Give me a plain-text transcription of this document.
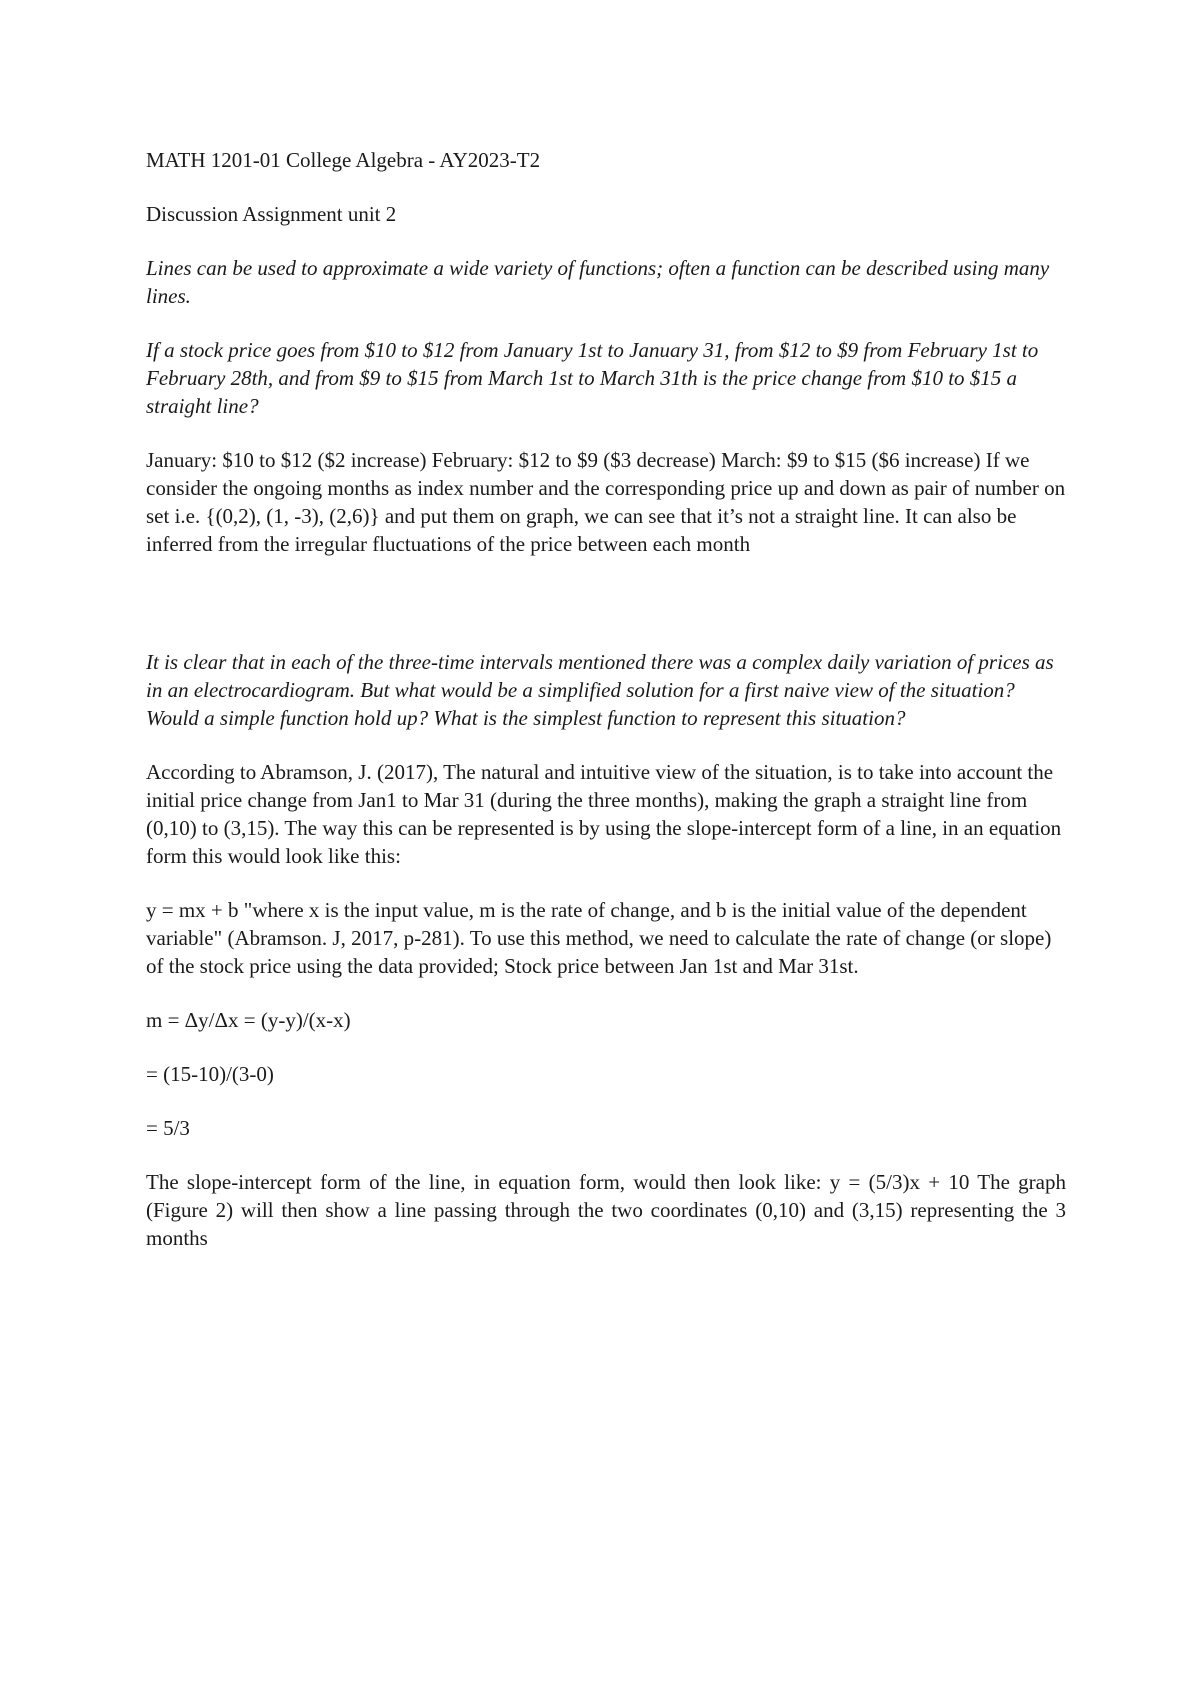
MATH 1201-01 College Algebra - AY2023-T2

Discussion Assignment unit 2

Lines can be used to approximate a wide variety of functions; often a function can be described using many lines.

If a stock price goes from $10 to $12 from January 1st to January 31, from $12 to $9 from February 1st to February 28th, and from $9 to $15 from March 1st to March 31th is the price change from $10 to $15 a straight line?

January: $10 to $12 ($2 increase) February: $12 to $9 ($3 decrease) March: $9 to $15 ($6 increase) If we consider the ongoing months as index number and the corresponding price up and down as pair of number on set i.e. {(0,2), (1, -3), (2,6)} and put them on graph, we can see that it’s not a straight line. It can also be inferred from the irregular fluctuations of the price between each month

It is clear that in each of the three-time intervals mentioned there was a complex daily variation of prices as in an electrocardiogram. But what would be a simplified solution for a first naive view of the situation? Would a simple function hold up? What is the simplest function to represent this situation?

According to Abramson, J. (2017), The natural and intuitive view of the situation, is to take into account the initial price change from Jan1 to Mar 31 (during the three months), making the graph a straight line from (0,10) to (3,15). The way this can be represented is by using the slope-intercept form of a line, in an equation form this would look like this:

y = mx + b "where x is the input value, m is the rate of change, and b is the initial value of the dependent variable" (Abramson. J, 2017, p-281). To use this method, we need to calculate the rate of change (or slope) of the stock price using the data provided; Stock price between Jan 1st and Mar 31st.

m = Δy/Δx = (y-y)/(x-x)

= (15-10)/(3-0)

= 5/3

The slope-intercept form of the line, in equation form, would then look like: y = (5/3)x + 10 The graph (Figure 2) will then show a line passing through the two coordinates (0,10) and (3,15) representing the 3 months
